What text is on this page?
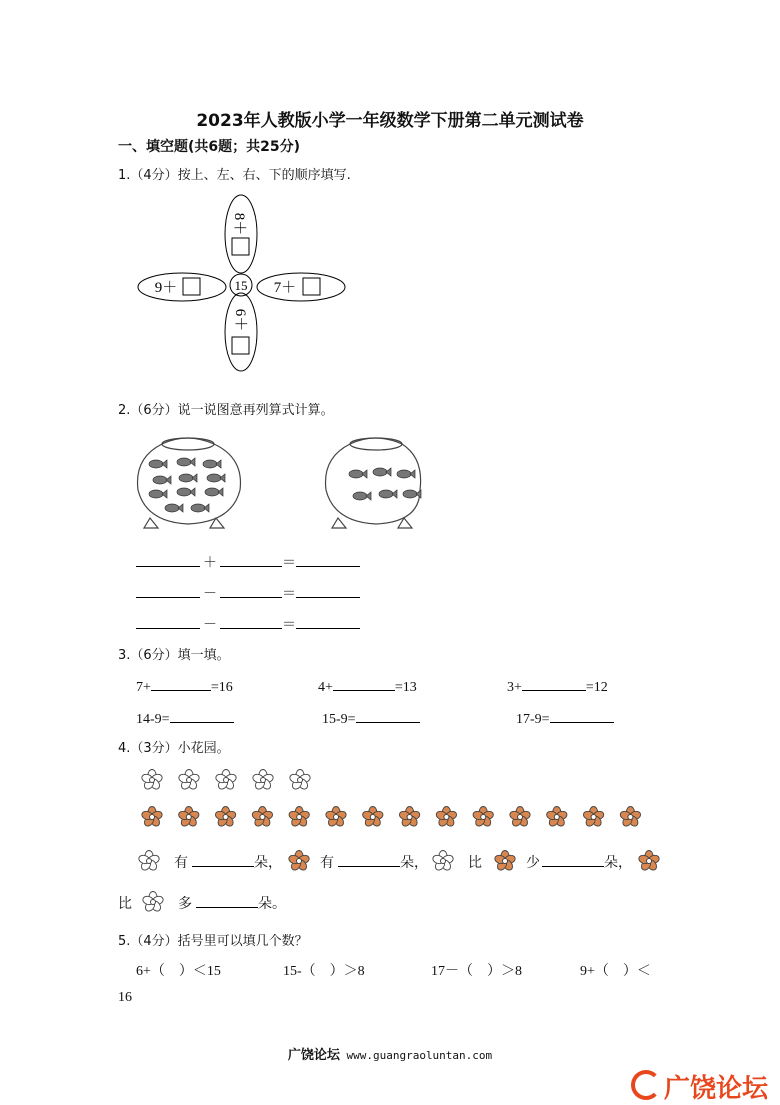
2023年人教版小学一年级数学下册第二单元测试卷
一、填空题(共6题；共25分)
1.（4分）按上、左、右、下的顺序填写.
8＋
6＋
9＋	7＋
15
2.（6分）说一说图意再列算式计算。
＋	＝
－	＝
－	＝
3.（6分）填一填。
7+	=16	4+	=13	3+	=12
14-9=	15-9=	17-9=
4.（3分）小花园。
有	朵，	有	朵，	比	少	朵，
比	多	朵。
5.（4分）括号里可以填几个数？
6+（　）＜15	15-（　）＞8	17－（　）＞8	9+（　）＜
16
广饶论坛 www.guangraoluntan.com
广饶论坛
